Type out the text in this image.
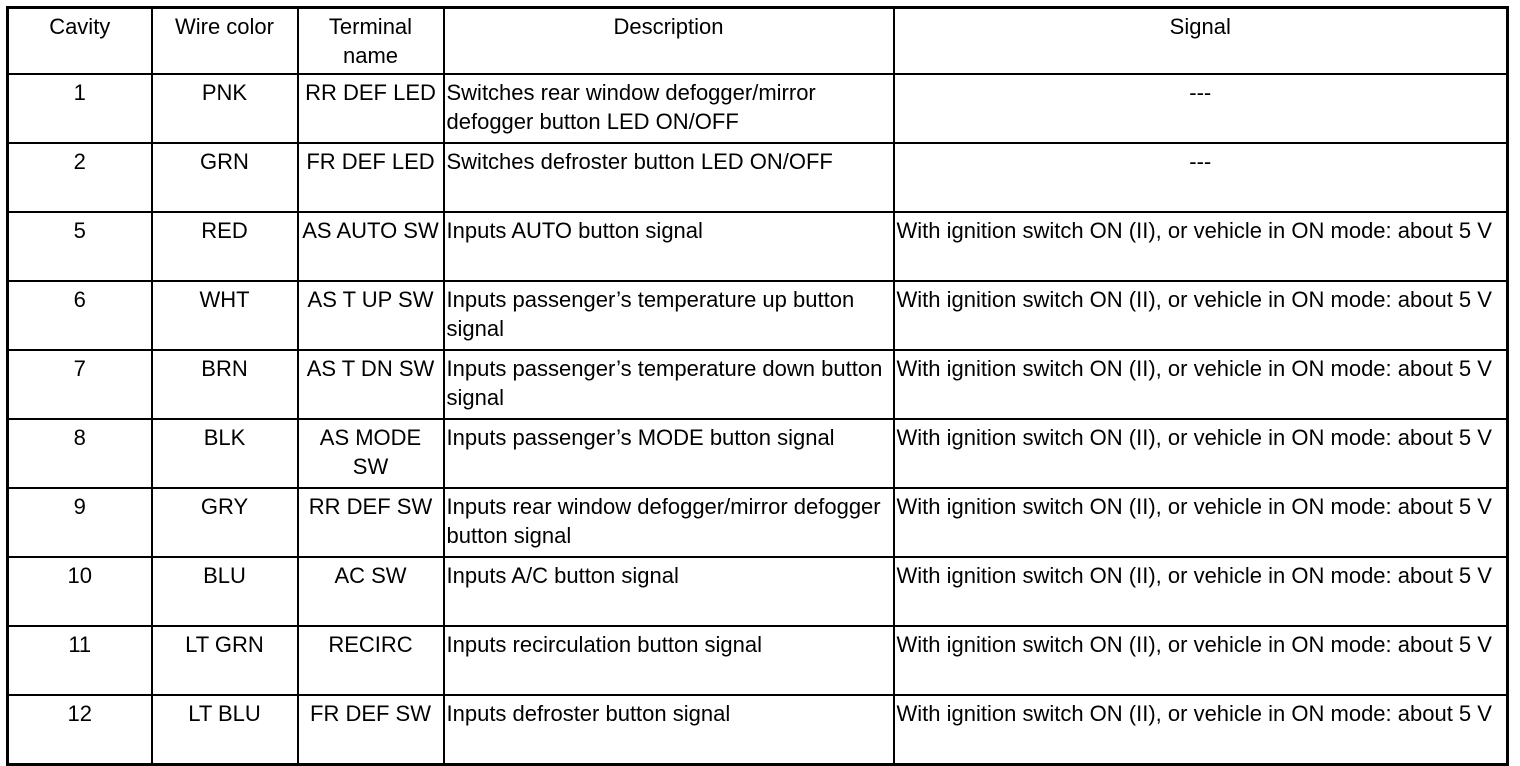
Cavity	Wire color	Terminal name	Description	Signal
1	PNK	RR DEF LED	Switches rear window defogger/mirror defogger button LED ON/OFF	---
2	GRN	FR DEF LED	Switches defroster button LED ON/OFF	---
5	RED	AS AUTO SW	Inputs AUTO button signal	With ignition switch ON (II), or vehicle in ON mode: about 5 V
6	WHT	AS T UP SW	Inputs passenger’s temperature up button signal	With ignition switch ON (II), or vehicle in ON mode: about 5 V
7	BRN	AS T DN SW	Inputs passenger’s temperature down button signal	With ignition switch ON (II), or vehicle in ON mode: about 5 V
8	BLK	AS MODE SW	Inputs passenger’s MODE button signal	With ignition switch ON (II), or vehicle in ON mode: about 5 V
9	GRY	RR DEF SW	Inputs rear window defogger/mirror defogger button signal	With ignition switch ON (II), or vehicle in ON mode: about 5 V
10	BLU	AC SW	Inputs A/C button signal	With ignition switch ON (II), or vehicle in ON mode: about 5 V
11	LT GRN	RECIRC	Inputs recirculation button signal	With ignition switch ON (II), or vehicle in ON mode: about 5 V
12	LT BLU	FR DEF SW	Inputs defroster button signal	With ignition switch ON (II), or vehicle in ON mode: about 5 V
